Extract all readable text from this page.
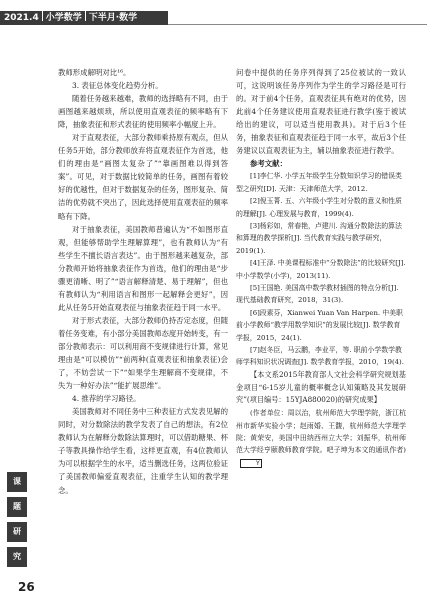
2021.4 小学数学 下半月·数学

教师形成解明对比¹⁶。

3. 表征总体变化趋势分析。

随着任务越来越难，教师的选择略有不同，由于画图越来越烦琐，所以使用直观表征的频率略有下降，抽象表征和形式表征的使用频率小幅度上升。

对于直观表征，大部分教师乘持原有观点，但从任务5开始，部分教师放弃将直观表征作为首选，他们的理由是“画图太复杂了”“靠画图难以得到答案”。可见，对于数据比较简单的任务，画图有着较好的优越性，但对于数据复杂的任务，图形复杂、简洁的优势就不突出了，因此选择使用直观表征的频率略有下降。

对于抽象表征，美国教师普遍认为“不如图形直观，但能够帮助学生理解算理”，也有教师认为“有些学生不擅长语言表达”。由于图形越来越复杂，部分教师开始将抽象表征作为首选，他们的理由是“步骤更清晰、明了”“语言解释清楚、易于理解”，但也有教师认为“利用语言和图形一起解释会更好”，因此从任务5开始直观表征与抽象表征趋于同一水平。

对于形式表征，大部分教师仍持否定态度，但随着任务变难，有小部分美国教师态度开始转变，有一部分教师表示：可以利用商不变规律进行计算，常见理由是“可以模仿”“前两种(直观表征和抽象表征)会了，不妨尝试一下”“如果学生理解商不变规律，不失为一种好办法”“能扩展思维”。

4. 推荐的学习路径。

美国教师对不同任务中三种表征方式发表见解的同时，对分数除法的教学发表了自己的想法，有2位教师认为在解释分数除法算理时，可以借助糖果、杯子等教具操作给学生看，这样更直观，有4位教师认为可以根据学生的水平，适当删选任务，这两位验证了美国教师偏爱直观表征，注重学生认知的教学理念。

问卷中提供的任务序列得到了25位被试的一致认可，这说明该任务序列作为学生的学习路径是可行的。对于前4个任务，直观表征具有绝对的优势，因此前4个任务建议使用直观表征进行教学(鉴于被试给出的建议，可以适当使用教具)。对于后3个任务，抽象表征和直观表征趋于同一水平，故后3个任务建议以直观表征为主，辅以抽象表征进行教学。

参考文献：

[1]李仁华. 小学五年级学生分数知识学习的错误类型之研究[D]. 天津：天津师范大学，2012.

[2]倪玉菁. 五、六年级小学生对分数的意义和性质的理解[J]. 心理发展与教育，1999(4).

[3]杨彩如，常春艳，卢建川. 沟通分数除法的算法和算理的教学探析[J]. 当代教育实践与教学研究，2019(1).

[4]王泽. 中美课程标准中“分数除法”的比较研究[J]. 中小学数学(小学)，2013(11).

[5]王国艳. 美国高中数学教材插图的特点分析[J]. 现代基础教育研究，2018，31(3).

[6]段素芬，Xianwei Yuan Van Harpen. 中美职前小学教师“教学用数学知识”的发展比较[J]. 数学教育学报，2015，24(1).

[7]赵冬臣，马云鹏，李业平，等. 职前小学数学教师学科知识状况调查[J]. 数学教育学报，2010，19(4).

【本文系2015年教育部人文社会科学研究规划基金项目“6-15岁儿童的概率概念认知策略及其发展研究”(项目编号：15YJA880020)的研究成果】

(作者单位：周以治，杭州师范大学理学院，浙江杭州市新华实验小学；赵雨婚、王馥，杭州师范大学理学院；黄荣安，美国中田纳西州立大学；刘振华，杭州师范大学经亨颐教师教育学院。吧子坤为本文的通讯作者)Y

课
题
研
究
26
